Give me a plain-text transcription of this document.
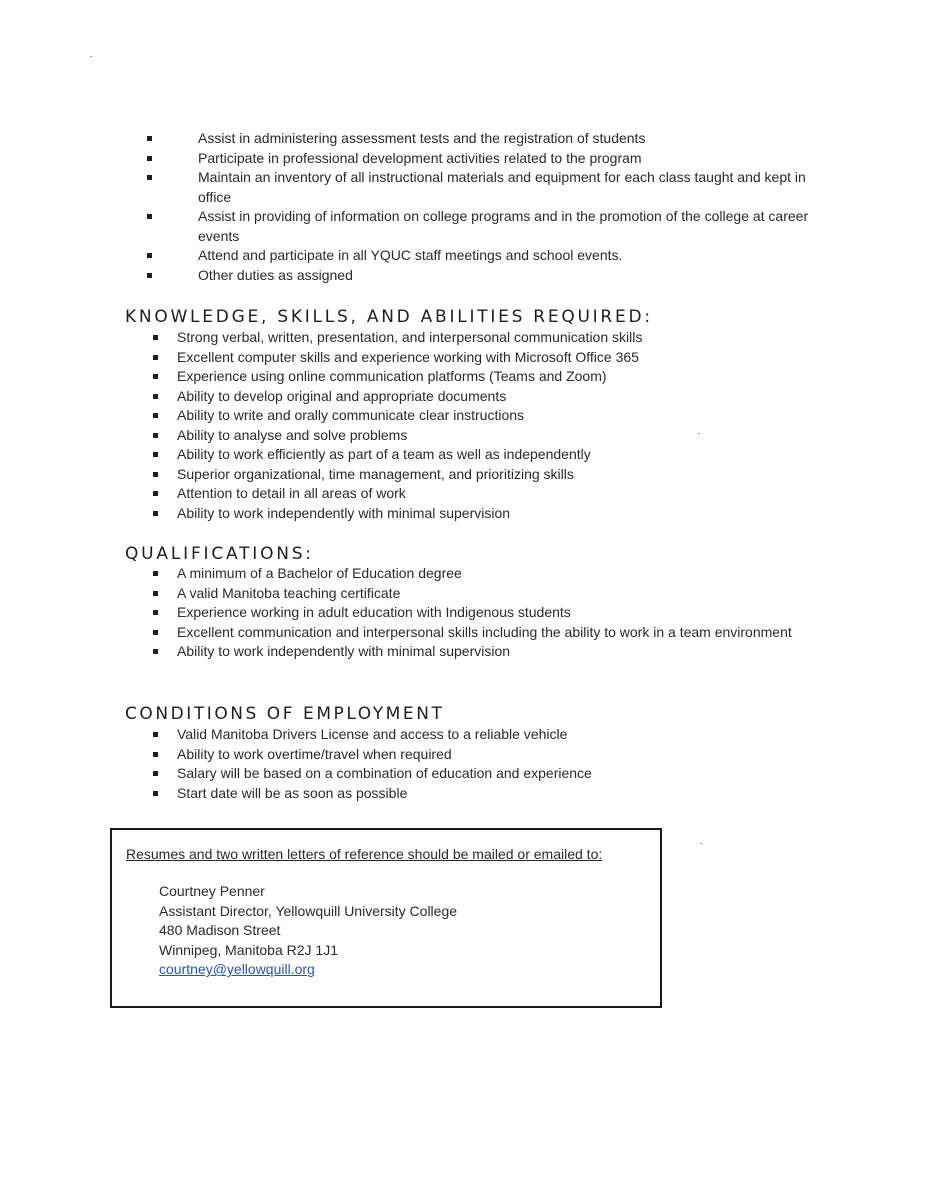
Assist in administering assessment tests and the registration of students
Participate in professional development activities related to the program
Maintain an inventory of all instructional materials and equipment for each class taught and kept in office
Assist in providing of information on college programs and in the promotion of the college at career events
Attend and participate in all YQUC staff meetings and school events.
Other duties as assigned
KNOWLEDGE, SKILLS, AND ABILITIES REQUIRED:
Strong verbal, written, presentation, and interpersonal communication skills
Excellent computer skills and experience working with Microsoft Office 365
Experience using online communication platforms (Teams and Zoom)
Ability to develop original and appropriate documents
Ability to write and orally communicate clear instructions
Ability to analyse and solve problems
Ability to work efficiently as part of a team as well as independently
Superior organizational, time management, and prioritizing skills
Attention to detail in all areas of work
Ability to work independently with minimal supervision
QUALIFICATIONS:
A minimum of a Bachelor of Education degree
A valid Manitoba teaching certificate
Experience working in adult education with Indigenous students
Excellent communication and interpersonal skills including the ability to work in a team environment
Ability to work independently with minimal supervision
CONDITIONS OF EMPLOYMENT
Valid Manitoba Drivers License and access to a reliable vehicle
Ability to work overtime/travel when required
Salary will be based on a combination of education and experience
Start date will be as soon as possible

Resumes and two written letters of reference should be mailed or emailed to:

Courtney Penner
Assistant Director, Yellowquill University College
480 Madison Street
Winnipeg, Manitoba R2J 1J1
courtney@yellowquill.org
